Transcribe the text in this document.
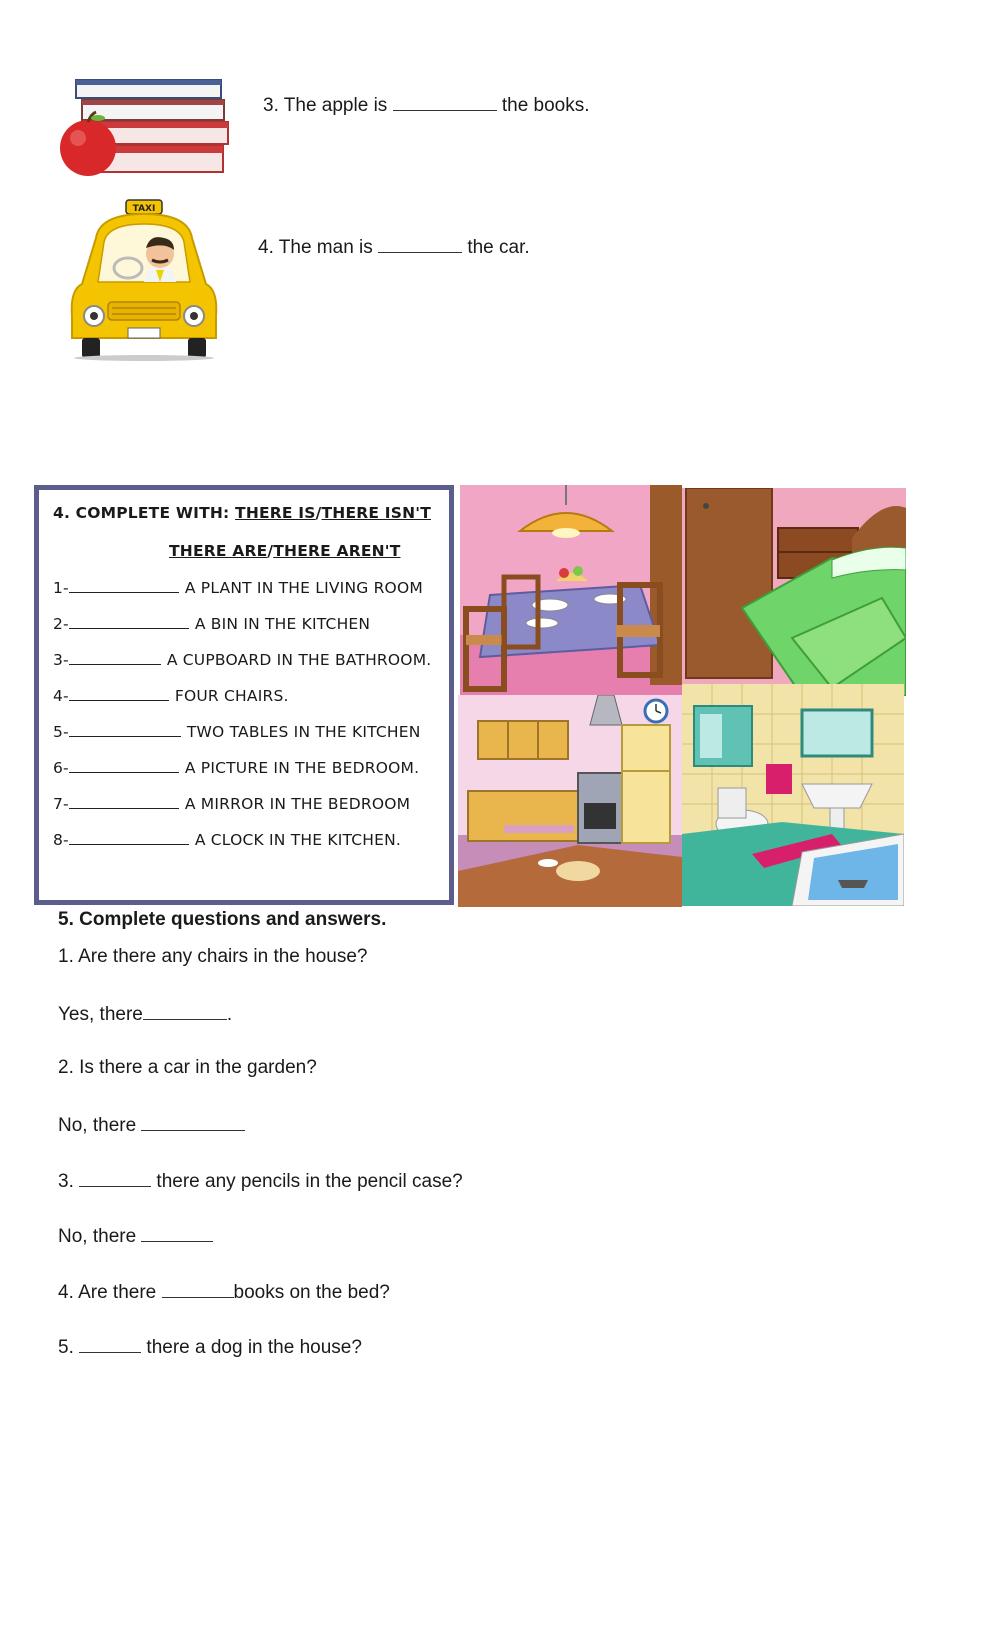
3. The apple is	the books.
TAXI
4. The man is	the car.
4. COMPLETE WITH: THERE IS/THERE ISN'T
THERE ARE/THERE AREN'T
1-	A PLANT IN THE LIVING ROOM
2-	A BIN IN THE KITCHEN
3-	A CUPBOARD IN THE BATHROOM.
4-	FOUR CHAIRS.
5-	TWO TABLES IN THE KITCHEN
6-	A PICTURE IN THE BEDROOM.
7-	A MIRROR IN THE BEDROOM
8-	A CLOCK IN THE KITCHEN.
5. Complete questions and answers.
1. Are there any chairs in the house?
Yes, there	.
2. Is there a car in the garden?
No, there
3.	there any pencils in the pencil case?
No, there
4. Are there	books on the bed?
5.	there a dog in the house?
